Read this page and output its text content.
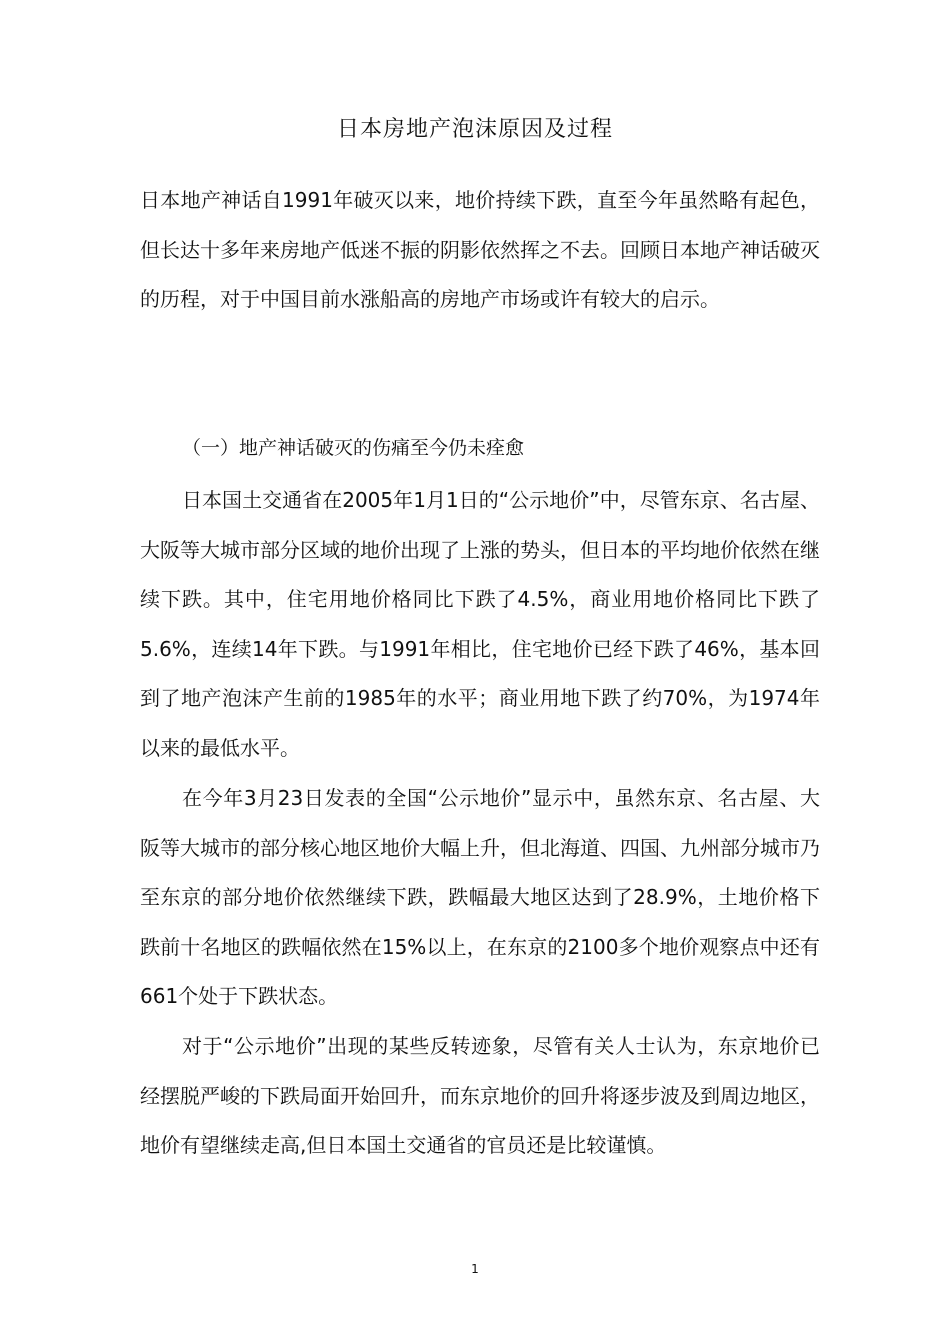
日本房地产泡沫原因及过程

日本地产神话自1991年破灭以来，地价持续下跌，直至今年虽然略有起色，但长达十多年来房地产低迷不振的阴影依然挥之不去。回顾日本地产神话破灭的历程，对于中国目前水涨船高的房地产市场或许有较大的启示。

（一）地产神话破灭的伤痛至今仍未痊愈

日本国土交通省在2005年1月1日的“公示地价”中，尽管东京、名古屋、大阪等大城市部分区域的地价出现了上涨的势头，但日本的平均地价依然在继续下跌。其中，住宅用地价格同比下跌了4.5%，商业用地价格同比下跌了5.6%，连续14年下跌。与1991年相比，住宅地价已经下跌了46%，基本回到了地产泡沫产生前的1985年的水平；商业用地下跌了约70%，为1974年以来的最低水平。

在今年3月23日发表的全国“公示地价”显示中，虽然东京、名古屋、大阪等大城市的部分核心地区地价大幅上升，但北海道、四国、九州部分城市乃至东京的部分地价依然继续下跌，跌幅最大地区达到了28.9%，土地价格下跌前十名地区的跌幅依然在15%以上，在东京的2100多个地价观察点中还有661个处于下跌状态。

对于“公示地价”出现的某些反转迹象，尽管有关人士认为，东京地价已经摆脱严峻的下跌局面开始回升，而东京地价的回升将逐步波及到周边地区，地价有望继续走高,但日本国土交通省的官员还是比较谨慎。

1
